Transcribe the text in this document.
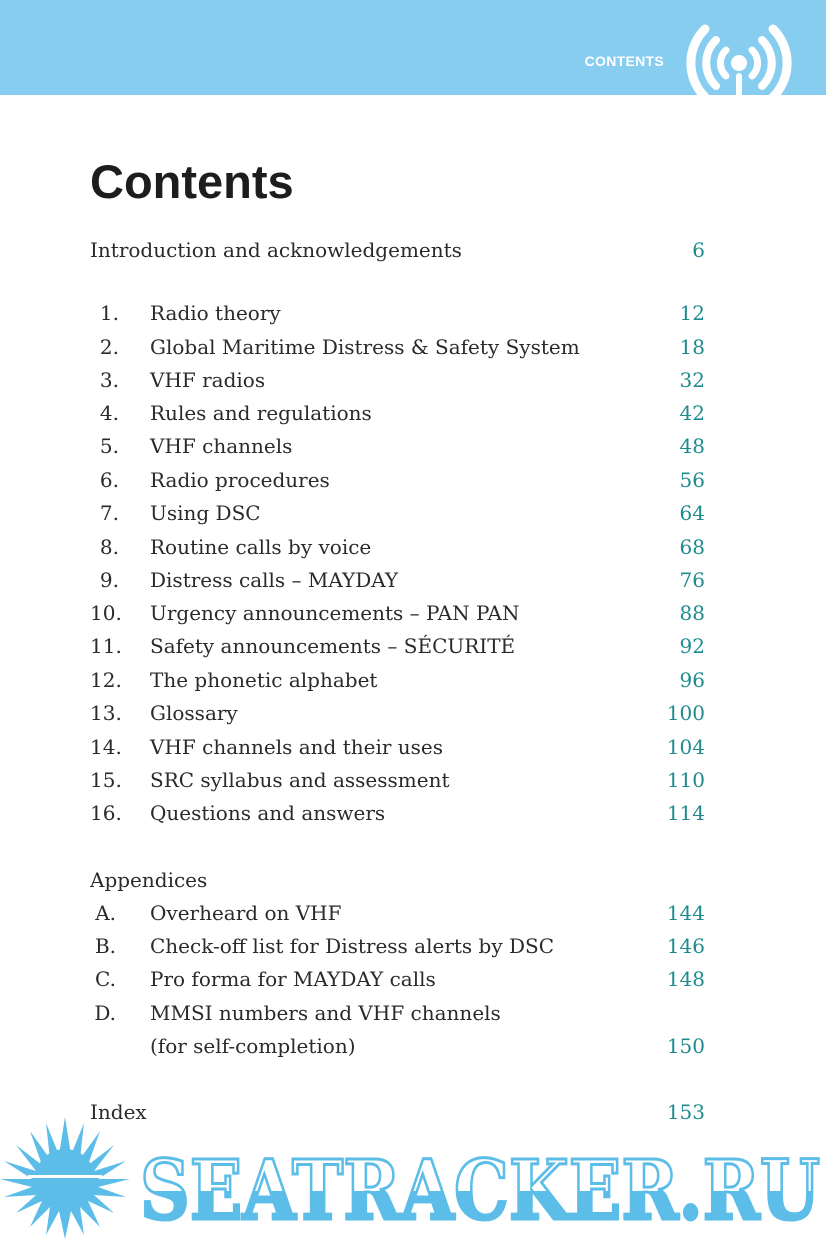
CONTENTS
Contents
Introduction and acknowledgements	6
1. Radio theory	12
2. Global Maritime Distress & Safety System	18
3. VHF radios	32
4. Rules and regulations	42
5. VHF channels	48
6. Radio procedures	56
7. Using DSC	64
8. Routine calls by voice	68
9. Distress calls – MAYDAY	76
10. Urgency announcements – PAN PAN	88
11. Safety announcements – SÉCURITÉ	92
12. The phonetic alphabet	96
13. Glossary	100
14. VHF channels and their uses	104
15. SRC syllabus and assessment	110
16. Questions and answers	114
Appendices
A. Overheard on VHF	144
B. Check-off list for Distress alerts by DSC	146
C. Pro forma for MAYDAY calls	148
D. MMSI numbers and VHF channels
(for self-completion)	150
Index	153
SEATRACKER.RU
